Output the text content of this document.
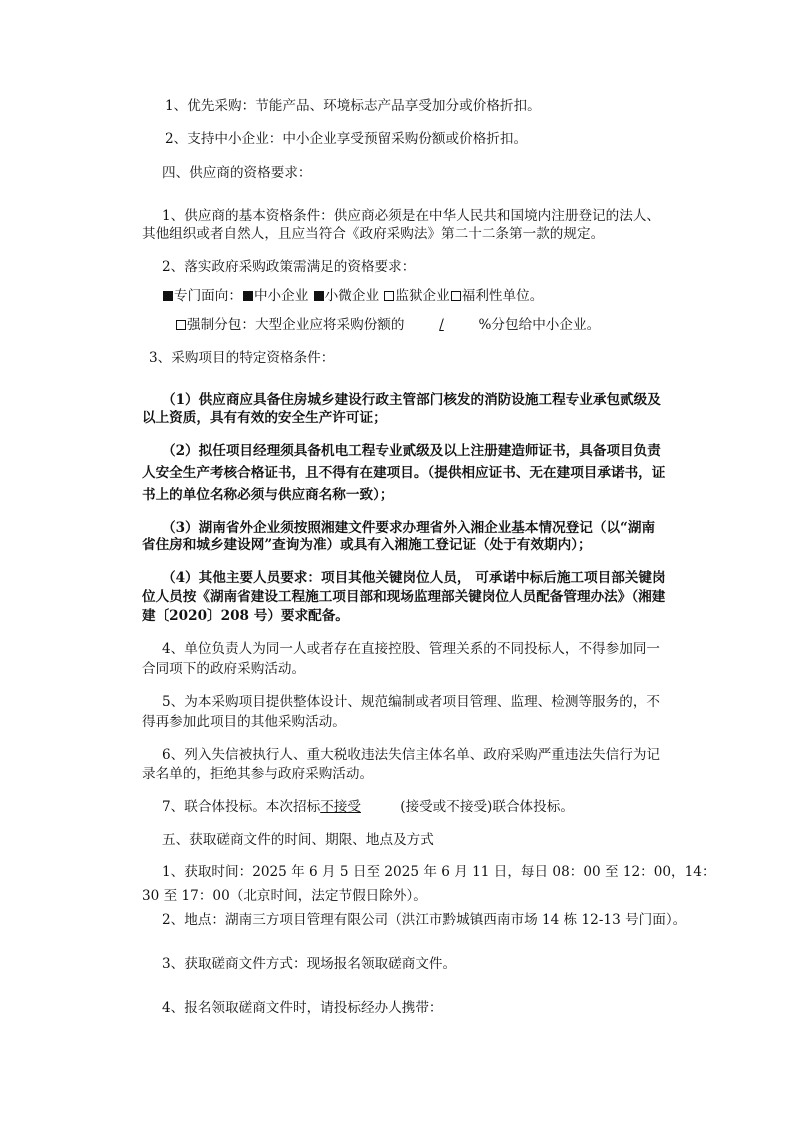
1、优先采购：节能产品、环境标志产品享受加分或价格折扣。
2、支持中小企业：中小企业享受预留采购份额或价格折扣。
四、供应商的资格要求：
1、供应商的基本资格条件：供应商必须是在中华人民共和国境内注册登记的法人、
其他组织或者自然人，且应当符合《政府采购法》第二十二条第一款的规定。
2、落实政府采购政策需满足的资格要求：
专门面向： 中小企业 小微企业 监狱企业 福利性单位。
强制分包：大型企业应将采购份额的	/	%分包给中小企业。
3、采购项目的特定资格条件：
（1）供应商应具备住房城乡建设行政主管部门核发的消防设施工程专业承包贰级及
以上资质，具有有效的安全生产许可证；
（2）拟任项目经理须具备机电工程专业贰级及以上注册建造师证书，具备项目负责
人安全生产考核合格证书，且不得有在建项目。（提供相应证书、无在建项目承诺书，证
书上的单位名称必须与供应商名称一致）；
（3）湖南省外企业须按照湘建文件要求办理省外入湘企业基本情况登记（以“湖南
省住房和城乡建设网”查询为准）或具有入湘施工登记证（处于有效期内）；
（4）其他主要人员要求：项目其他关键岗位人员， 可承诺中标后施工项目部关键岗
位人员按《湖南省建设工程施工项目部和现场监理部关键岗位人员配备管理办法》（湘建
建〔2020〕208 号）要求配备。
4、单位负责人为同一人或者存在直接控股、管理关系的不同投标人，不得参加同一
合同项下的政府采购活动。
5、为本采购项目提供整体设计、规范编制或者项目管理、监理、检测等服务的，不
得再参加此项目的其他采购活动。
6、列入失信被执行人、重大税收违法失信主体名单、政府采购严重违法失信行为记
录名单的，拒绝其参与政府采购活动。
7、联合体投标。本次招标不接受	(接受或不接受)联合体投标。
五、获取磋商文件的时间、期限、地点及方式
1、获取时间：2025 年 6 月 5 日至 2025 年 6 月 11 日，每日 08：00 至 12：00，14：
30 至 17：00（北京时间，法定节假日除外）。
2、地点：湖南三方项目管理有限公司（洪江市黔城镇西南市场 14 栋 12-13 号门面）。
3、获取磋商文件方式：现场报名领取磋商文件。
4、报名领取磋商文件时，请投标经办人携带：
